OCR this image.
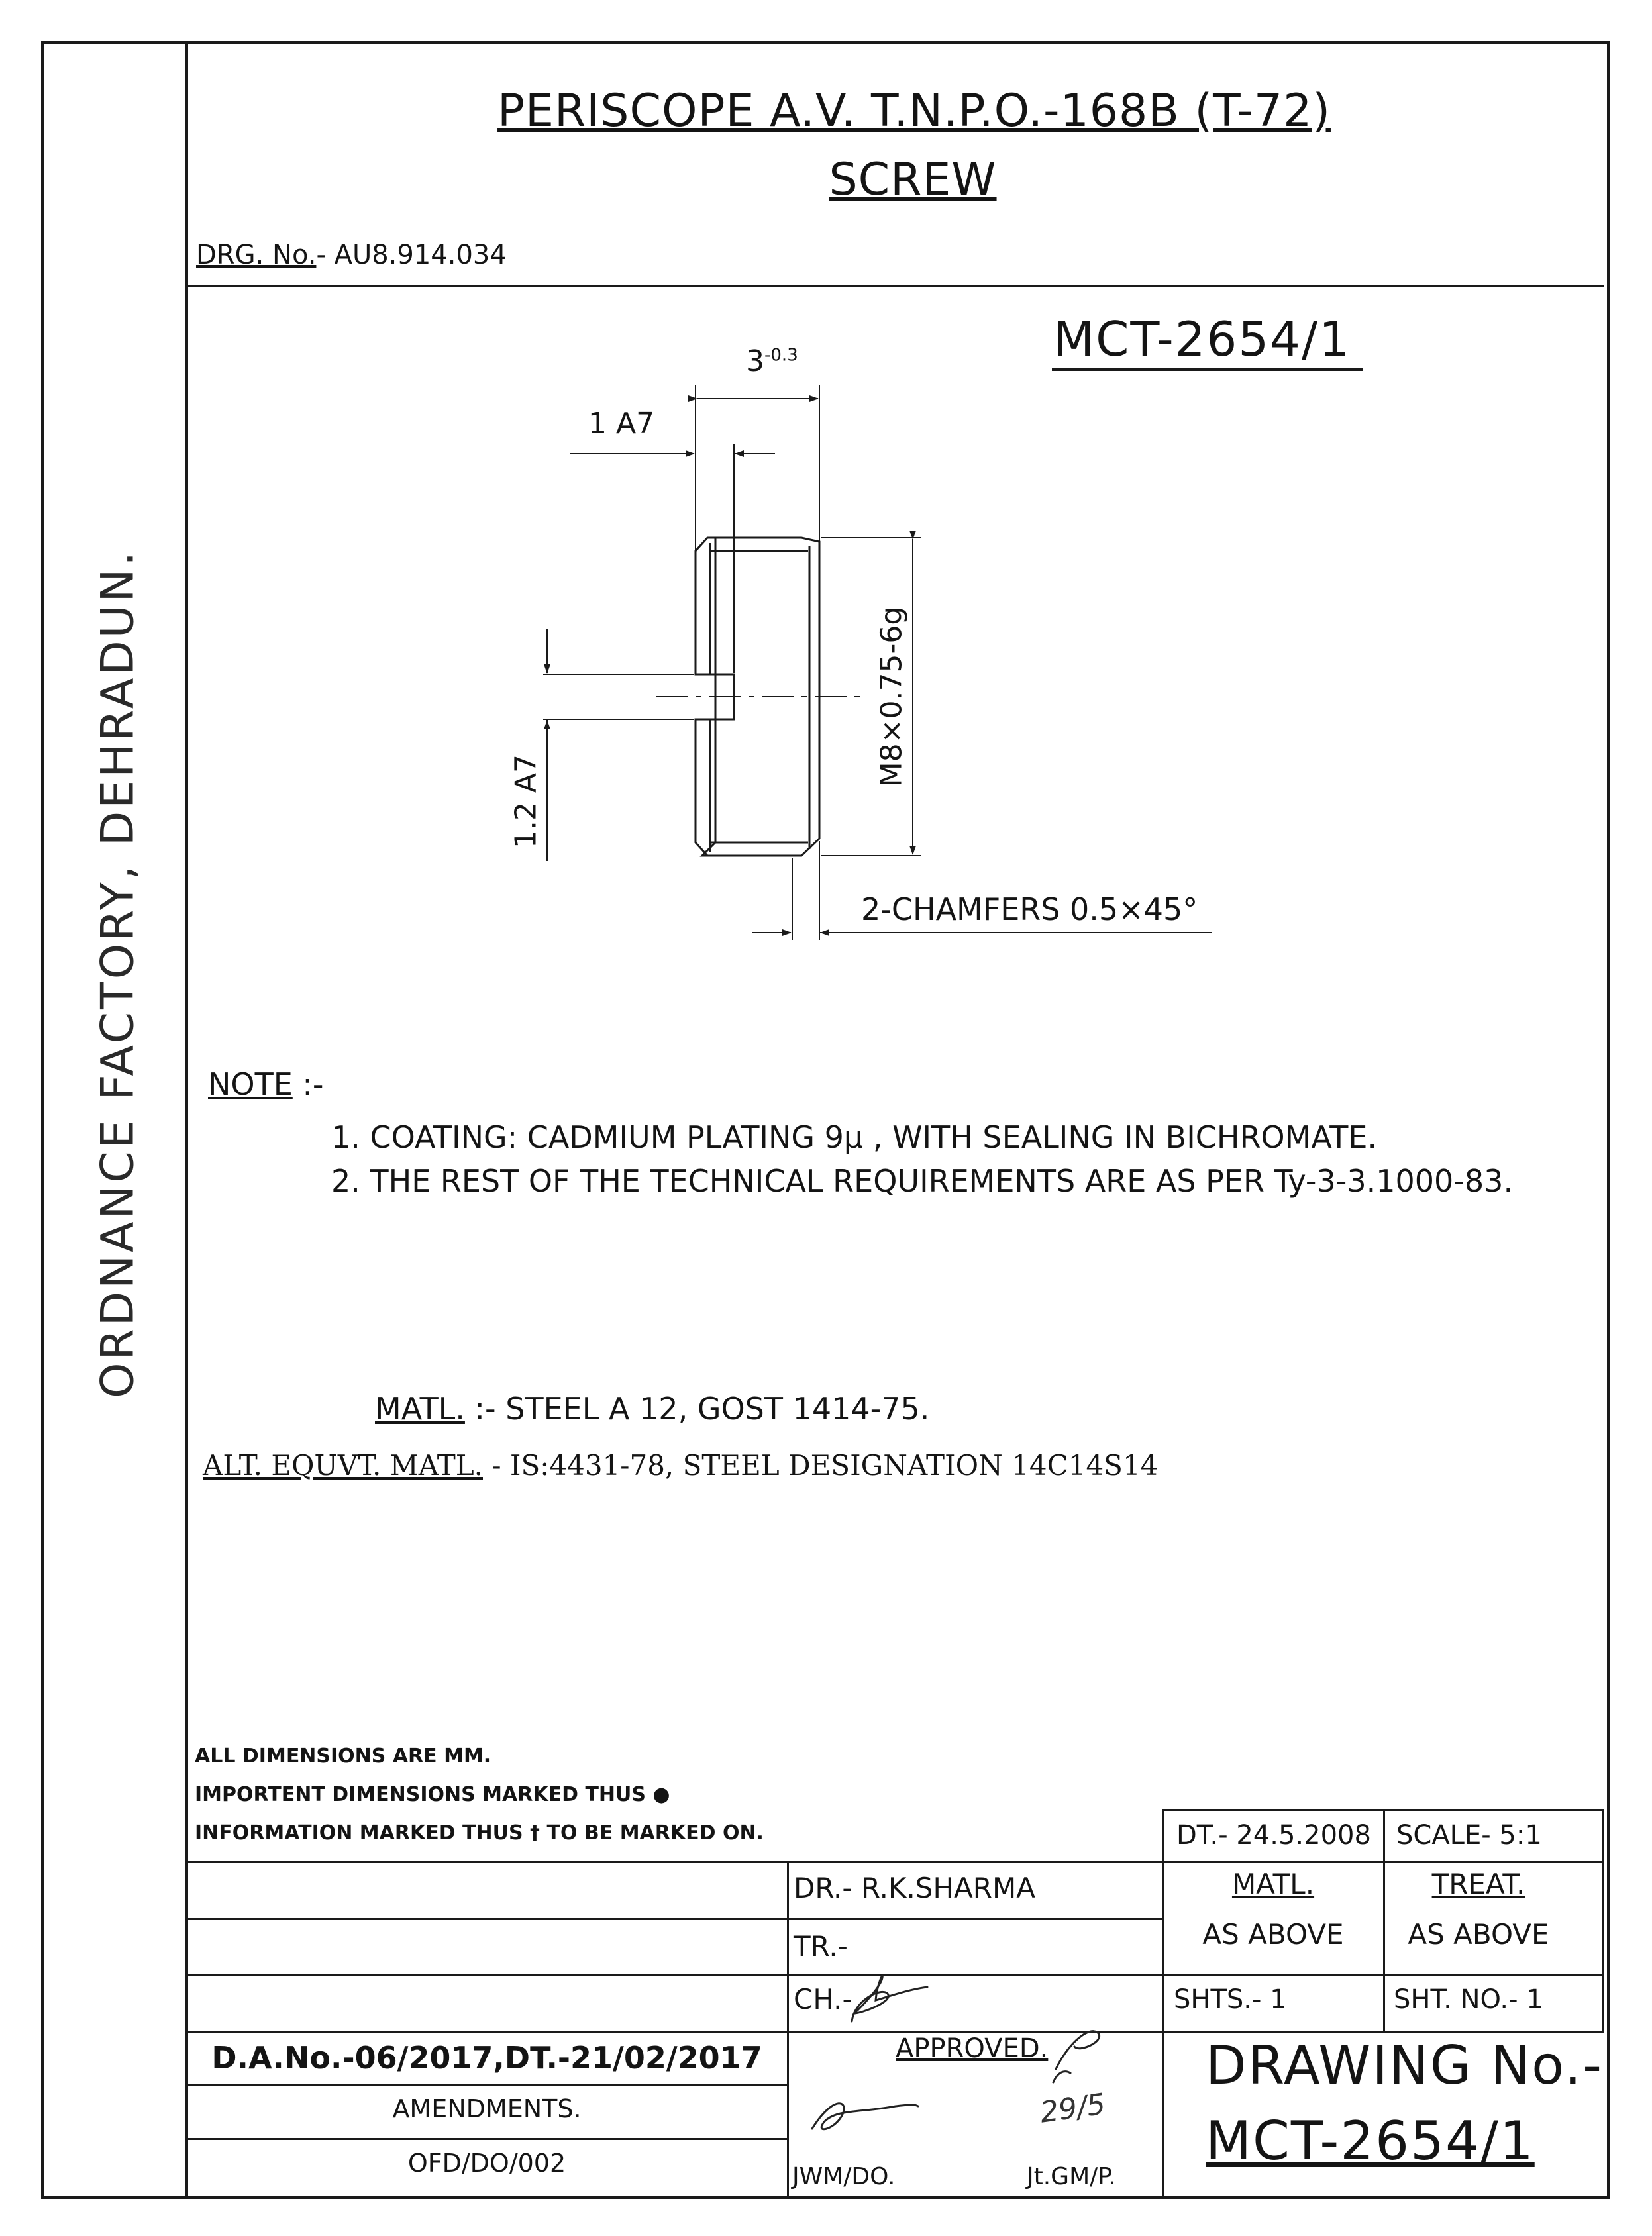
ORDNANCE FACTORY, DEHRADUN.
PERISCOPE A.V. T.N.P.O.-168B (T-72)
SCREW
DRG. No.- AU8.914.034
MCT-2654/1
$3^{-0.3}$
1 A7
1.2 A7
M8×0.75-6g
2-CHAMFERS 0.5×45°
NOTE :-
1. COATING: CADMIUM PLATING 9μ , WITH SEALING IN BICHROMATE.
2. THE REST OF THE TECHNICAL REQUIREMENTS ARE AS PER Ty-3-3.1000-83.
MATL. :- STEEL A 12, GOST 1414-75.
ALT. EQUVT. MATL. - IS:4431-78, STEEL DESIGNATION 14C14S14
ALL DIMENSIONS ARE MM.
IMPORTENT DIMENSIONS MARKED THUS ●
INFORMATION MARKED THUS † TO BE MARKED ON.	DT.- 24.5.2008 SCALE- 5:1
DR.- R.K.SHARMA
TR.-
CH.-
MATL.
AS ABOVE
TREAT.
AS ABOVE
SHTS.- 1	SHT. NO.- 1
D.A.No.-06/2017,DT.-21/02/2017
AMENDMENTS.
OFD/DO/002
APPROVED.
JWM/DO.	Jt.GM/P.
29/5
DRAWING No.-
MCT-2654/1
